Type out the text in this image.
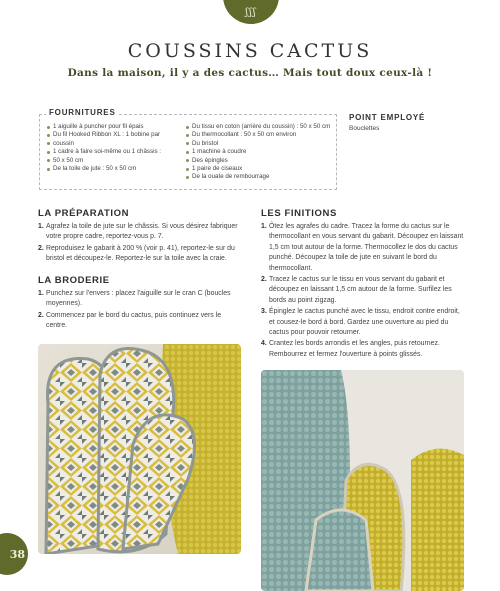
ʃʃʃ
COUSSINS CACTUS

Dans la maison, il y a des cactus… Mais tout doux ceux-là !

FOURNITURES
1 aiguille à puncher pour fil épais
Du fil Hooked Ribbon XL : 1 bobine par
coussin
1 cadre à faire soi-même ou 1 châssis :
50 x 50 cm
De la toile de jute : 50 x 50 cm
Du tissu en coton (arrière du coussin) : 50 x 50 cm
Du thermocollant : 50 x 50 cm environ
Du bristol
1 machine à coudre
Des épingles
1 paire de ciseaux
De la ouate de rembourrage
POINT EMPLOYÉ
Bouclettes
LA PRÉPARATION
1. Agrafez la toile de jute sur le châssis. Si vous désirez fabriquer votre propre cadre, reportez-vous p. 7.
2. Reproduisez le gabarit à 200 % (voir p. 41), reportez-le sur du bristol et découpez-le. Reportez-le sur la toile avec la craie.
LA BRODERIE
1. Punchez sur l'envers : placez l'aiguille sur le cran C (boucles moyennes).
2. Commencez par le bord du cactus, puis continuez vers le centre.
LES FINITIONS
1. Ôtez les agrafes du cadre. Tracez la forme du cactus sur le thermocollant en vous servant du gabarit. Découpez en laissant 1,5 cm tout autour de la forme. Thermocollez le dos du cactus punché. Découpez la toile de jute en suivant le bord du thermocollant.
2. Tracez le cactus sur le tissu en vous servant du gabarit et découpez en laissant 1,5 cm autour de la forme. Surfilez les bords au point zigzag.
3. Épinglez le cactus punché avec le tissu, endroit contre endroit, et cousez-le bord à bord. Gardez une ouverture au pied du cactus pour pouvoir retourner.
4. Crantez les bords arrondis et les angles, puis retournez. Rembourrez et fermez l'ouverture à points glissés.
38
